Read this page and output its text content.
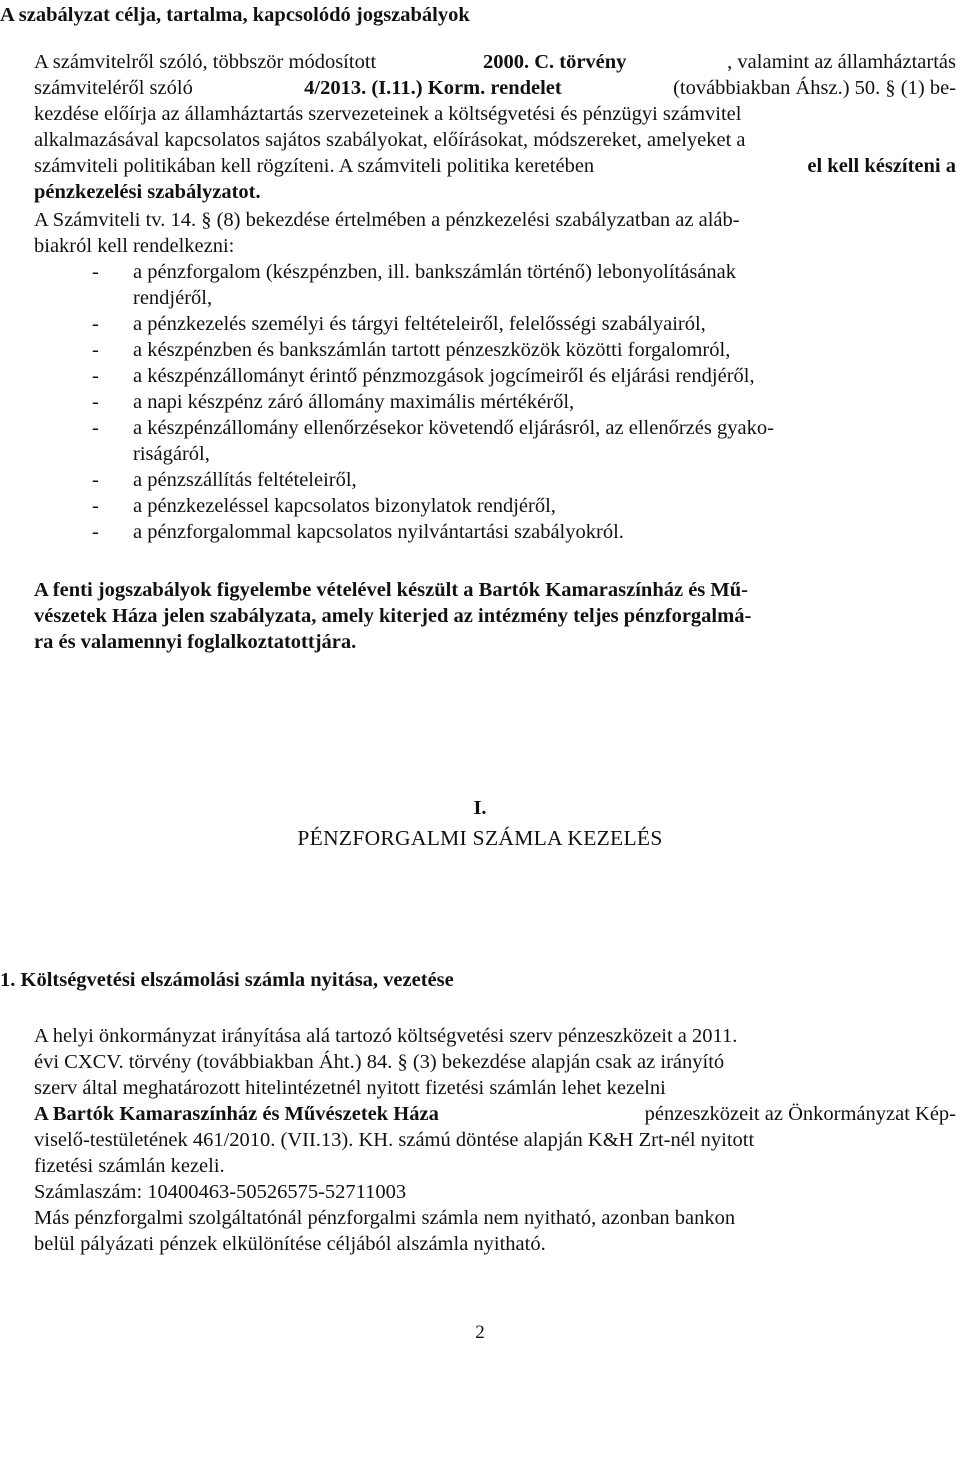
A szabályzat célja, tartalma, kapcsolódó jogszabályok
A számvitelről szóló, többször módosított	2000. C. törvény	, valamint az államháztartás
számviteléről szóló	4/2013. (I.11.) Korm. rendelet	(továbbiakban Áhsz.) 50. § (1) be-
kezdése előírja az államháztartás szervezeteinek a költségvetési és pénzügyi számvitel
alkalmazásával kapcsolatos sajátos szabályokat, előírásokat, módszereket, amelyeket a
számviteli politikában kell rögzíteni. A számviteli politika keretében	el kell készíteni a
pénzkezelési szabályzatot.
A Számviteli tv. 14. § (8) bekezdése értelmében a pénzkezelési szabályzatban az aláb-
biakról kell rendelkezni:
- a pénzforgalom (készpénzben, ill. bankszámlán történő) lebonyolításának
rendjéről,
- a pénzkezelés személyi és tárgyi feltételeiről, felelősségi szabályairól,
- a készpénzben és bankszámlán tartott pénzeszközök közötti forgalomról,
- a készpénzállományt érintő pénzmozgások jogcímeiről és eljárási rendjéről,
- a napi készpénz záró állomány maximális mértékéről,
- a készpénzállomány ellenőrzésekor követendő eljárásról, az ellenőrzés gyako-
riságáról,
- a pénzszállítás feltételeiről,
- a pénzkezeléssel kapcsolatos bizonylatok rendjéről,
- a pénzforgalommal kapcsolatos nyilvántartási szabályokról.
A fenti jogszabályok figyelembe vételével készült a Bartók Kamaraszínház és Mű-
vészetek Háza jelen szabályzata, amely kiterjed az intézmény teljes pénzforgalmá-
ra és valamennyi foglalkoztatottjára.
I.
PÉNZFORGALMI SZÁMLA KEZELÉS
1. Költségvetési elszámolási számla nyitása, vezetése
A helyi önkormányzat irányítása alá tartozó költségvetési szerv pénzeszközeit a 2011.
évi CXCV. törvény (továbbiakban Áht.) 84. § (3) bekezdése alapján csak az irányító
szerv által meghatározott hitelintézetnél nyitott fizetési számlán lehet kezelni
A Bartók Kamaraszínház és Művészetek Háza	pénzeszközeit az Önkormányzat Kép-
viselő-testületének 461/2010. (VII.13). KH. számú döntése alapján K&H Zrt-nél nyitott
fizetési számlán kezeli.
Számlaszám: 10400463-50526575-52711003
Más pénzforgalmi szolgáltatónál pénzforgalmi számla nem nyitható, azonban bankon
belül pályázati pénzek elkülönítése céljából alszámla nyitható.
2
